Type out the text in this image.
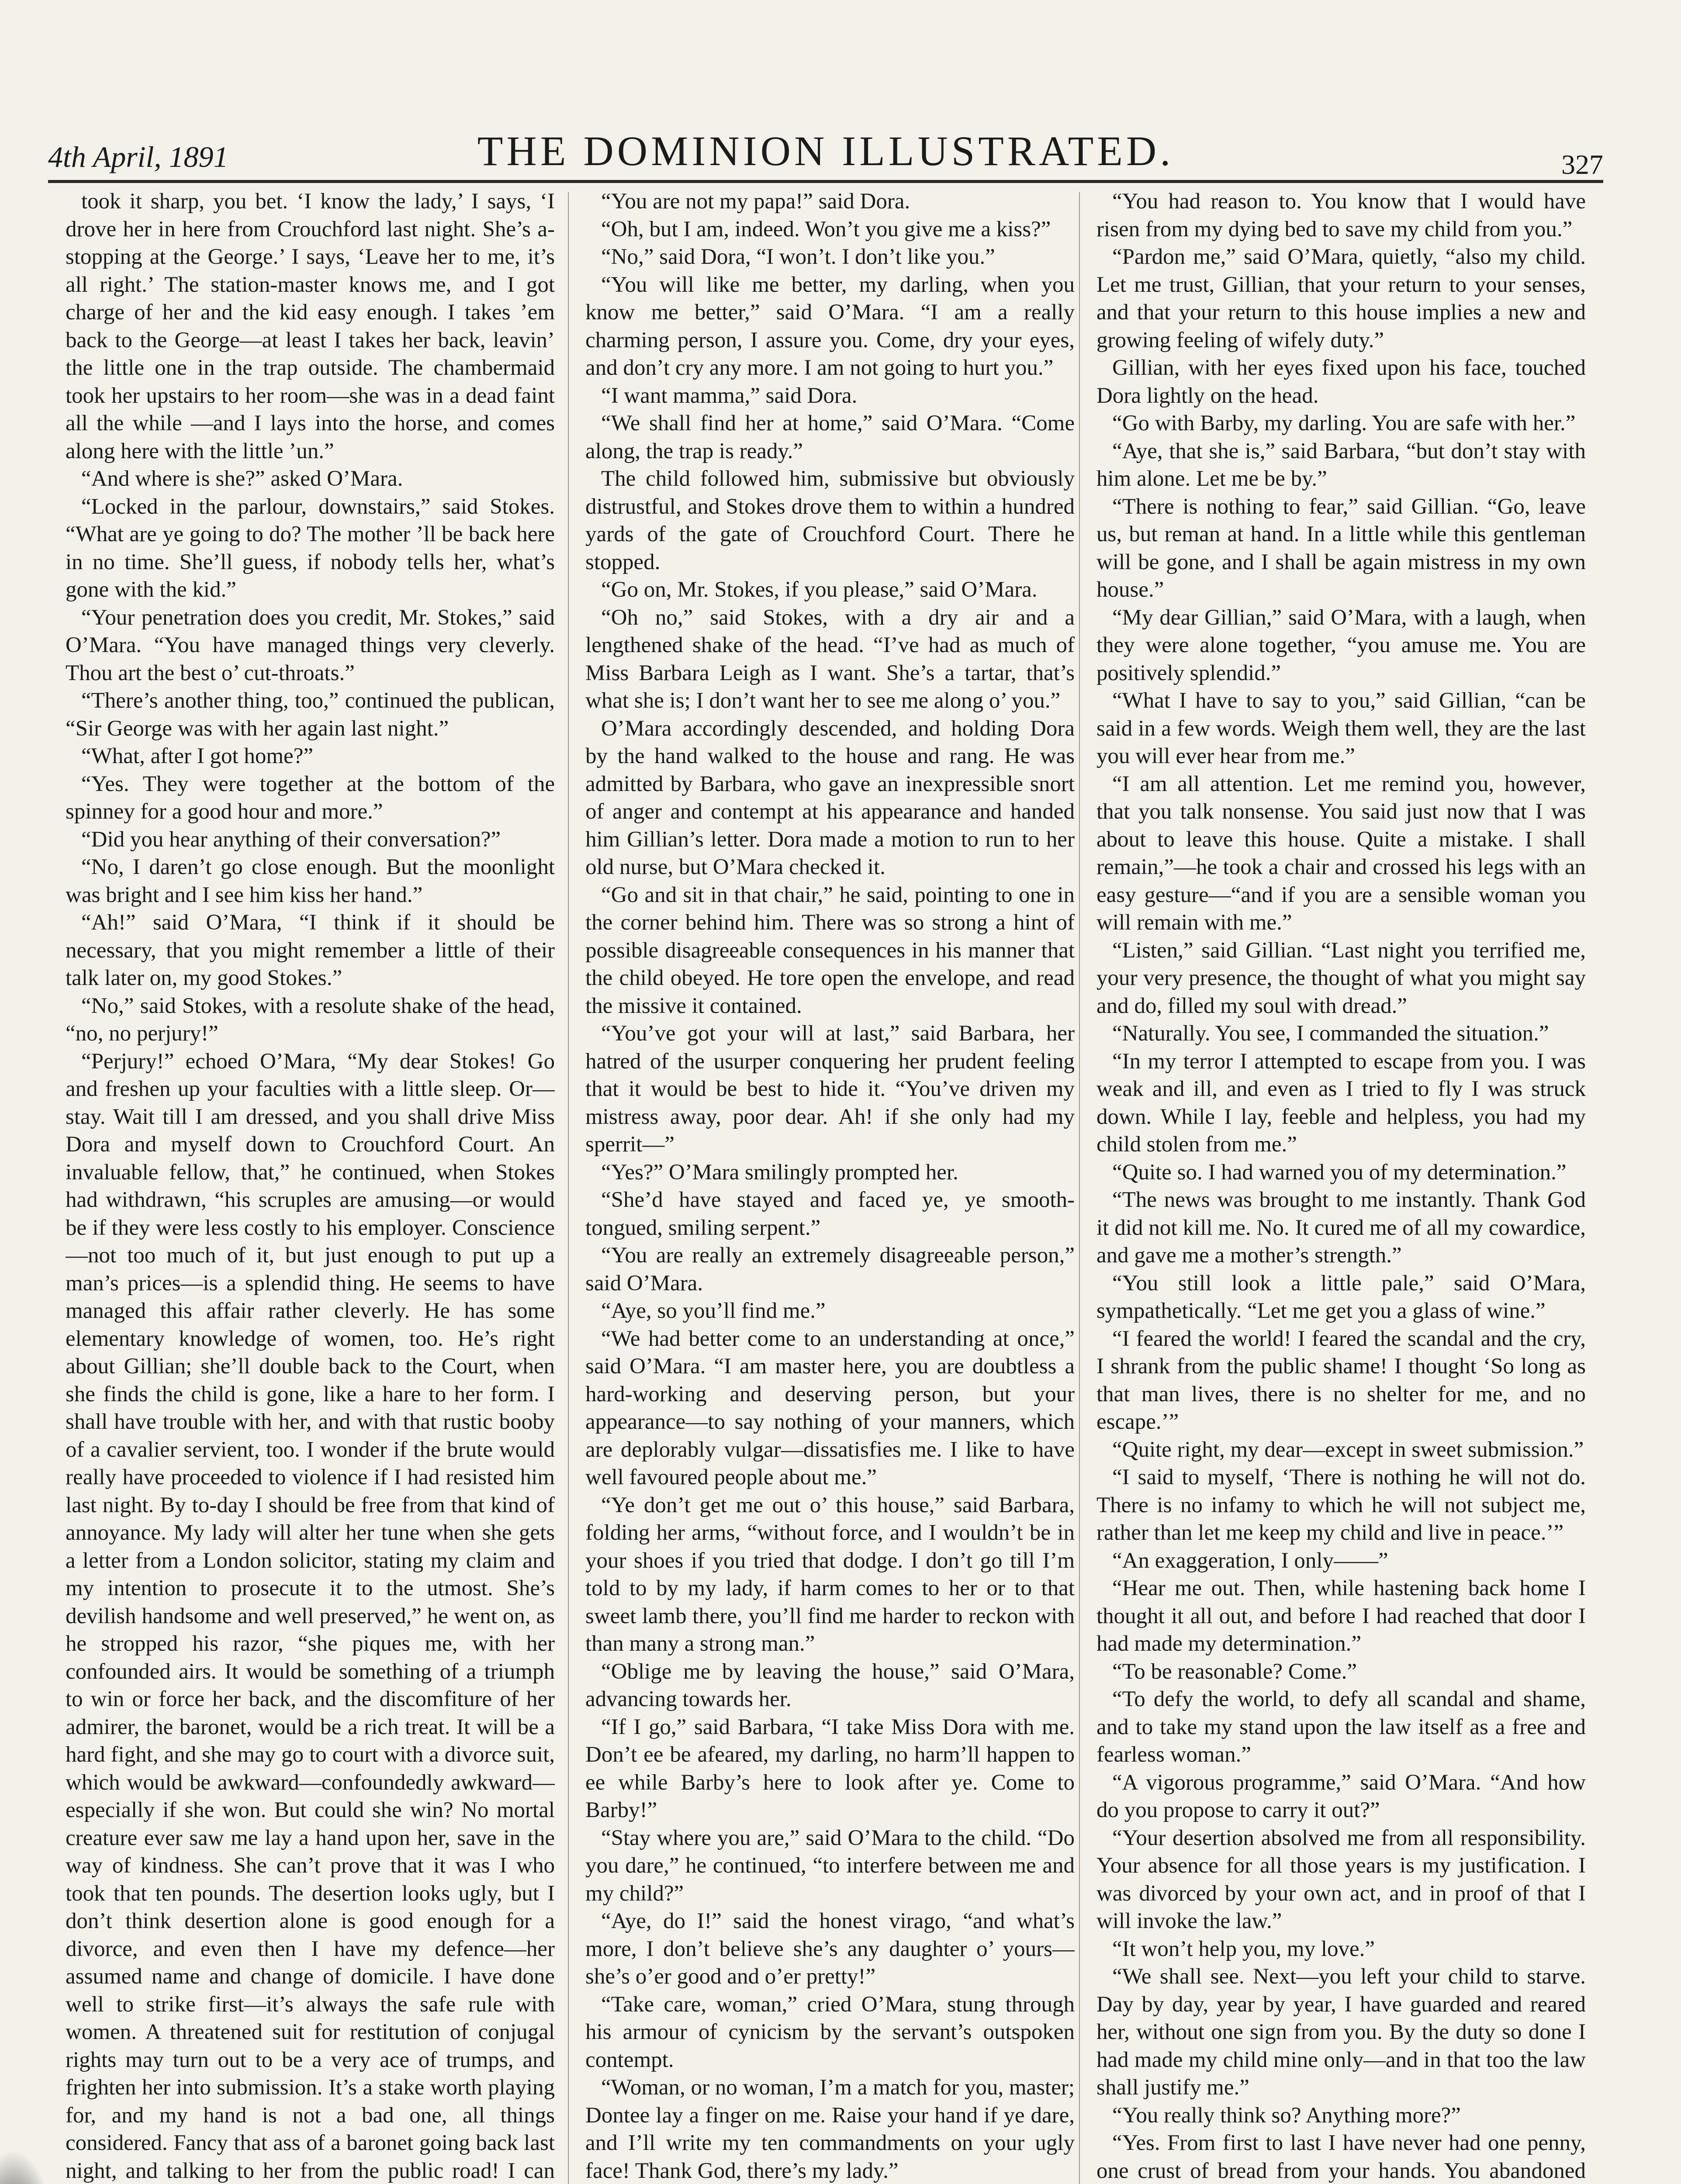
4th April, 1891	THE DOMINION ILLUSTRATED.	327

took it sharp, you bet. ‘I know the lady,’ I says, ‘I drove her in here from Crouchford last night. She’s a-stopping at the George.’ I says, ‘Leave her to me, it’s all right.’ The station-master knows me, and I got charge of her and the kid easy enough. I takes ’em back to the George—at least I takes her back, leavin’ the little one in the trap outside. The chambermaid took her upstairs to her room—she was in a dead faint all the while —and I lays into the horse, and comes along here with the little ’un.”

“And where is she?” asked O’Mara.

“Locked in the parlour, downstairs,” said Stokes. “What are ye going to do? The mother ’ll be back here in no time. She’ll guess, if nobody tells her, what’s gone with the kid.”

“Your penetration does you credit, Mr. Stokes,” said O’Mara. “You have managed things very cleverly. Thou art the best o’ cut-throats.”

“There’s another thing, too,” continued the publican, “Sir George was with her again last night.”

“What, after I got home?”

“Yes. They were together at the bottom of the spinney for a good hour and more.”

“Did you hear anything of their conversation?”

“No, I daren’t go close enough. But the moonlight was bright and I see him kiss her hand.”

“Ah!” said O’Mara, “I think if it should be necessary, that you might remember a little of their talk later on, my good Stokes.”

“No,” said Stokes, with a resolute shake of the head, “no, no perjury!”

“Perjury!” echoed O’Mara, “My dear Stokes! Go and freshen up your faculties with a little sleep. Or—stay. Wait till I am dressed, and you shall drive Miss Dora and myself down to Crouchford Court. An invaluable fellow, that,” he continued, when Stokes had withdrawn, “his scruples are amusing—or would be if they were less costly to his employer. Conscience—not too much of it, but just enough to put up a man’s prices—is a splendid thing. He seems to have managed this affair rather cleverly. He has some elementary knowledge of women, too. He’s right about Gillian; she’ll double back to the Court, when she finds the child is gone, like a hare to her form. I shall have trouble with her, and with that rustic booby of a cavalier servient, too. I wonder if the brute would really have proceeded to violence if I had resisted him last night. By to-day I should be free from that kind of annoyance. My lady will alter her tune when she gets a letter from a London solicitor, stating my claim and my intention to prosecute it to the utmost. She’s devilish handsome and well preserved,” he went on, as he stropped his razor, “she piques me, with her confounded airs. It would be something of a triumph to win or force her back, and the discomfiture of her admirer, the baronet, would be a rich treat. It will be a hard fight, and she may go to court with a divorce suit, which would be awkward—confoundedly awkward—especially if she won. But could she win? No mortal creature ever saw me lay a hand upon her, save in the way of kindness. She can’t prove that it was I who took that ten pounds. The desertion looks ugly, but I don’t think desertion alone is good enough for a divorce, and even then I have my defence—her assumed name and change of domicile. I have done well to strike first—it’s always the safe rule with women. A threatened suit for restitution of conjugal rights may turn out to be a very ace of trumps, and frighten her into submission. It’s a stake worth playing for, and my hand is not a bad one, all things considered. Fancy that ass of a baronet going back last night, and talking to her from the public road! I can

“You are not my papa!” said Dora.

“Oh, but I am, indeed. Won’t you give me a kiss?”

“No,” said Dora, “I won’t. I don’t like you.”

“You will like me better, my darling, when you know me better,” said O’Mara. “I am a really charming person, I assure you. Come, dry your eyes, and don’t cry any more. I am not going to hurt you.”

“I want mamma,” said Dora.

“We shall find her at home,” said O’Mara. “Come along, the trap is ready.”

The child followed him, submissive but obviously distrustful, and Stokes drove them to within a hundred yards of the gate of Crouchford Court. There he stopped.

“Go on, Mr. Stokes, if you please,” said O’Mara.

“Oh no,” said Stokes, with a dry air and a lengthened shake of the head. “I’ve had as much of Miss Barbara Leigh as I want. She’s a tartar, that’s what she is; I don’t want her to see me along o’ you.”

O’Mara accordingly descended, and holding Dora by the hand walked to the house and rang. He was admitted by Barbara, who gave an inexpressible snort of anger and contempt at his appearance and handed him Gillian’s letter. Dora made a motion to run to her old nurse, but O’Mara checked it.

“Go and sit in that chair,” he said, pointing to one in the corner behind him. There was so strong a hint of possible disagreeable consequences in his manner that the child obeyed. He tore open the envelope, and read the missive it contained.

“You’ve got your will at last,” said Barbara, her hatred of the usurper conquering her prudent feeling that it would be best to hide it. “You’ve driven my mistress away, poor dear. Ah! if she only had my sperrit—”

“Yes?” O’Mara smilingly prompted her.

“She’d have stayed and faced ye, ye smooth-tongued, smiling serpent.”

“You are really an extremely disagreeable person,” said O’Mara.

“Aye, so you’ll find me.”

“We had better come to an understanding at once,” said O’Mara. “I am master here, you are doubtless a hard-working and deserving person, but your appearance—to say nothing of your manners, which are deplorably vulgar—dissatisfies me. I like to have well favoured people about me.”

“Ye don’t get me out o’ this house,” said Barbara, folding her arms, “without force, and I wouldn’t be in your shoes if you tried that dodge. I don’t go till I’m told to by my lady, if harm comes to her or to that sweet lamb there, you’ll find me harder to reckon with than many a strong man.”

“Oblige me by leaving the house,” said O’Mara, advancing towards her.

“If I go,” said Barbara, “I take Miss Dora with me. Don’t ee be afeared, my darling, no harm’ll happen to ee while Barby’s here to look after ye. Come to Barby!”

“Stay where you are,” said O’Mara to the child. “Do you dare,” he continued, “to interfere between me and my child?”

“Aye, do I!” said the honest virago, “and what’s more, I don’t believe she’s any daughter o’ yours—she’s o’er good and o’er pretty!”

“Take care, woman,” cried O’Mara, stung through his armour of cynicism by the servant’s outspoken contempt.

“Woman, or no woman, I’m a match for you, master; Dontee lay a finger on me. Raise your hand if ye dare, and I’ll write my ten commandments on your ugly face! Thank God, there’s my lady.”

“You had reason to. You know that I would have risen from my dying bed to save my child from you.”

“Pardon me,” said O’Mara, quietly, “also my child. Let me trust, Gillian, that your return to your senses, and that your return to this house implies a new and growing feeling of wifely duty.”

Gillian, with her eyes fixed upon his face, touched Dora lightly on the head.

“Go with Barby, my darling. You are safe with her.”

“Aye, that she is,” said Barbara, “but don’t stay with him alone. Let me be by.”

“There is nothing to fear,” said Gillian. “Go, leave us, but reman at hand. In a little while this gentleman will be gone, and I shall be again mistress in my own house.”

“My dear Gillian,” said O’Mara, with a laugh, when they were alone together, “you amuse me. You are positively splendid.”

“What I have to say to you,” said Gillian, “can be said in a few words. Weigh them well, they are the last you will ever hear from me.”

“I am all attention. Let me remind you, however, that you talk nonsense. You said just now that I was about to leave this house. Quite a mistake. I shall remain,”—he took a chair and crossed his legs with an easy gesture—“and if you are a sensible woman you will remain with me.”

“Listen,” said Gillian. “Last night you terrified me, your very presence, the thought of what you might say and do, filled my soul with dread.”

“Naturally. You see, I commanded the situation.”

“In my terror I attempted to escape from you. I was weak and ill, and even as I tried to fly I was struck down. While I lay, feeble and helpless, you had my child stolen from me.”

“Quite so. I had warned you of my determination.”

“The news was brought to me instantly. Thank God it did not kill me. No. It cured me of all my cowardice, and gave me a mother’s strength.”

“You still look a little pale,” said O’Mara, sympathetically. “Let me get you a glass of wine.”

“I feared the world! I feared the scandal and the cry, I shrank from the public shame! I thought ‘So long as that man lives, there is no shelter for me, and no escape.’”

“Quite right, my dear—except in sweet submission.”

“I said to myself, ‘There is nothing he will not do. There is no infamy to which he will not subject me, rather than let me keep my child and live in peace.’”

“An exaggeration, I only——”

“Hear me out. Then, while hastening back home I thought it all out, and before I had reached that door I had made my determination.”

“To be reasonable? Come.”

“To defy the world, to defy all scandal and shame, and to take my stand upon the law itself as a free and fearless woman.”

“A vigorous programme,” said O’Mara. “And how do you propose to carry it out?”

“Your desertion absolved me from all responsibility. Your absence for all those years is my justification. I was divorced by your own act, and in proof of that I will invoke the law.”

“It won’t help you, my love.”

“We shall see. Next—you left your child to starve. Day by day, year by year, I have guarded and reared her, without one sign from you. By the duty so done I had made my child mine only—and in that too the law shall justify me.”

“You really think so? Anything more?”

“Yes. From first to last I have never had one penny, one crust of bread from your hands. You abandoned
